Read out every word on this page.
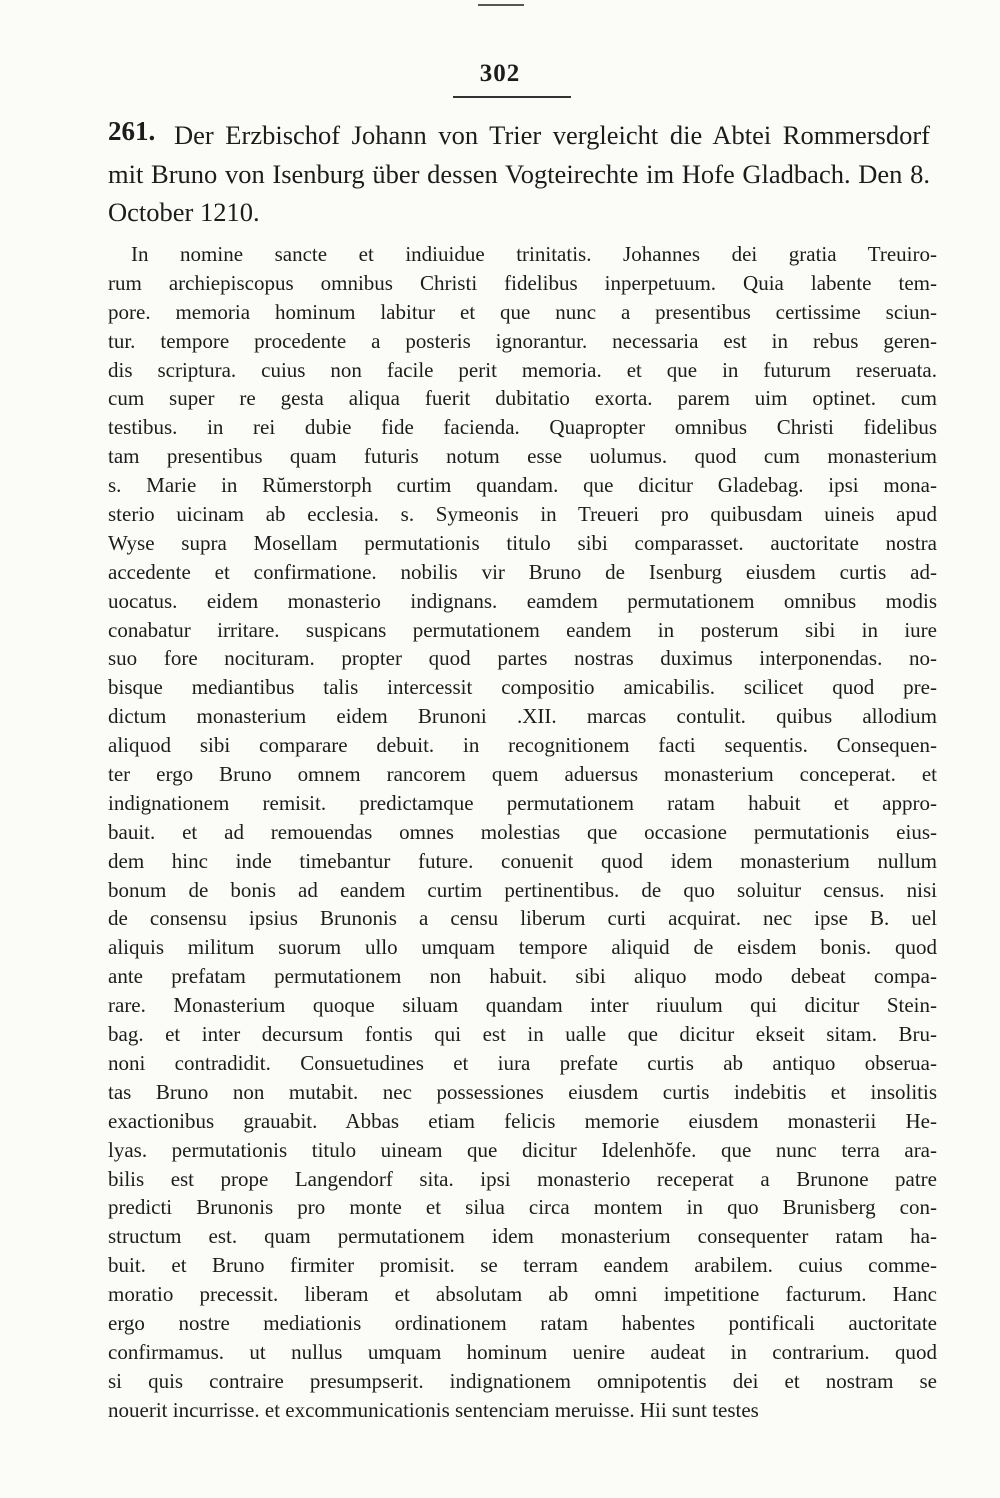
302
261. Der Erzbischof Johann von Trier vergleicht die Abtei Rommersdorf mit Bruno von Isenburg über dessen Vogteirechte im Hofe Gladbach. Den 8. October 1210.
In nomine sancte et indiuidue trinitatis. Johannes dei gratia Treuiro-
rum archiepiscopus omnibus Christi fidelibus inperpetuum. Quia labente tem-
pore. memoria hominum labitur et que nunc a presentibus certissime sciun-
tur. tempore procedente a posteris ignorantur. necessaria est in rebus geren-
dis scriptura. cuius non facile perit memoria. et que in futurum reseruata.
cum super re gesta aliqua fuerit dubitatio exorta. parem uim optinet. cum
testibus. in rei dubie fide facienda. Quapropter omnibus Christi fidelibus
tam presentibus quam futuris notum esse uolumus. quod cum monasterium
s. Marie in Rŭmerstorph curtim quandam. que dicitur Gladebag. ipsi mona-
sterio uicinam ab ecclesia. s. Symeonis in Treueri pro quibusdam uineis apud
Wyse supra Mosellam permutationis titulo sibi comparasset. auctoritate nostra
accedente et confirmatione. nobilis vir Bruno de Isenburg eiusdem curtis ad-
uocatus. eidem monasterio indignans. eamdem permutationem omnibus modis
conabatur irritare. suspicans permutationem eandem in posterum sibi in iure
suo fore nocituram. propter quod partes nostras duximus interponendas. no-
bisque mediantibus talis intercessit compositio amicabilis. scilicet quod pre-
dictum monasterium eidem Brunoni .XII. marcas contulit. quibus allodium
aliquod sibi comparare debuit. in recognitionem facti sequentis. Consequen-
ter ergo Bruno omnem rancorem quem aduersus monasterium conceperat. et
indignationem remisit. predictamque permutationem ratam habuit et appro-
bauit. et ad remouendas omnes molestias que occasione permutationis eius-
dem hinc inde timebantur future. conuenit quod idem monasterium nullum
bonum de bonis ad eandem curtim pertinentibus. de quo soluitur census. nisi
de consensu ipsius Brunonis a censu liberum curti acquirat. nec ipse B. uel
aliquis militum suorum ullo umquam tempore aliquid de eisdem bonis. quod
ante prefatam permutationem non habuit. sibi aliquo modo debeat compa-
rare. Monasterium quoque siluam quandam inter riuulum qui dicitur Stein-
bag. et inter decursum fontis qui est in ualle que dicitur ekseit sitam. Bru-
noni contradidit. Consuetudines et iura prefate curtis ab antiquo obserua-
tas Bruno non mutabit. nec possessiones eiusdem curtis indebitis et insolitis
exactionibus grauabit. Abbas etiam felicis memorie eiusdem monasterii He-
lyas. permutationis titulo uineam que dicitur Idelenhŏfe. que nunc terra ara-
bilis est prope Langendorf sita. ipsi monasterio receperat a Brunone patre
predicti Brunonis pro monte et silua circa montem in quo Brunisberg con-
structum est. quam permutationem idem monasterium consequenter ratam ha-
buit. et Bruno firmiter promisit. se terram eandem arabilem. cuius comme-
moratio precessit. liberam et absolutam ab omni impetitione facturum. Hanc
ergo nostre mediationis ordinationem ratam habentes pontificali auctoritate
confirmamus. ut nullus umquam hominum uenire audeat in contrarium. quod
si quis contraire presumpserit. indignationem omnipotentis dei et nostram se
nouerit incurrisse. et excommunicationis sentenciam meruisse. Hii sunt testes
